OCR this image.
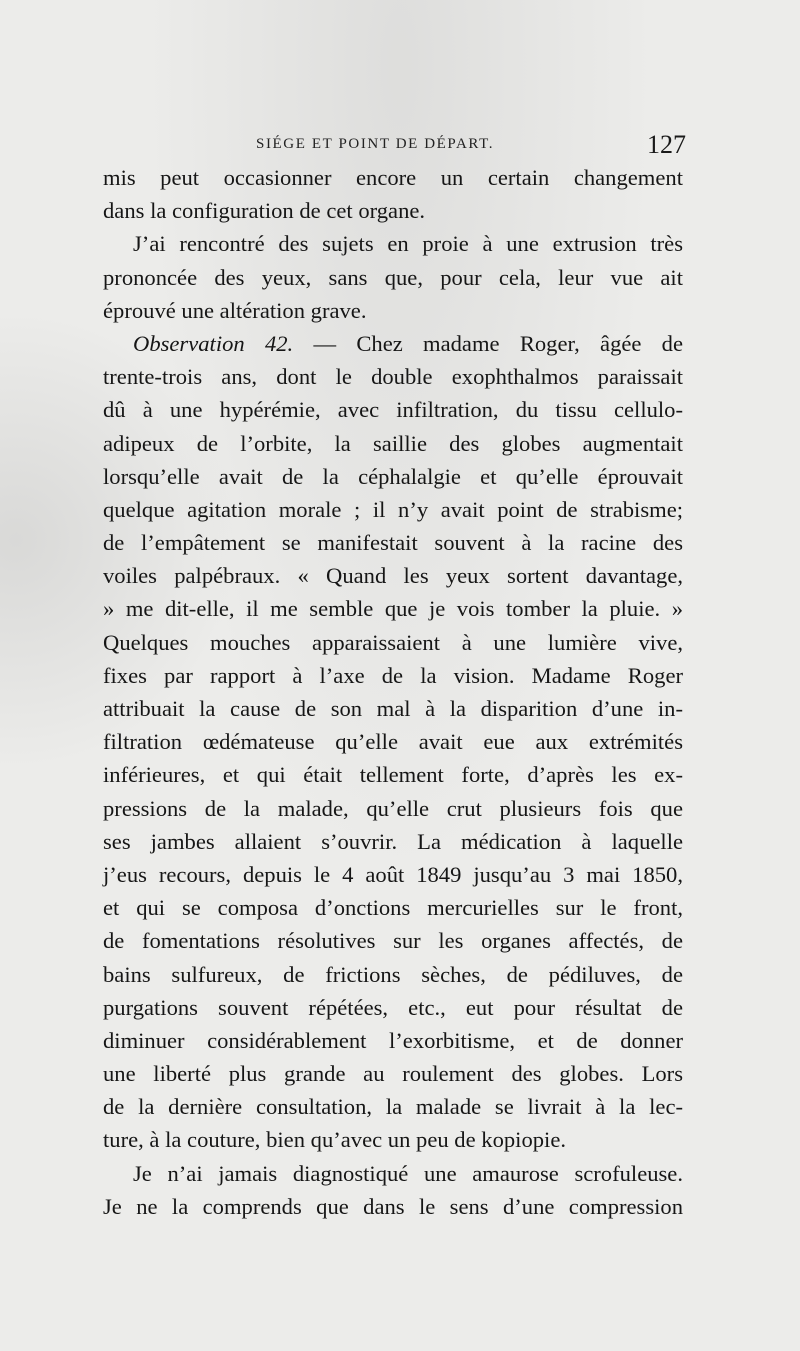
SIÉGE ET POINT DE DÉPART.	127
mis peut occasionner encore un certain changement
dans la configuration de cet organe.
J’ai rencontré des sujets en proie à une extrusion très
prononcée des yeux, sans que, pour cela, leur vue ait
éprouvé une altération grave.
Observation 42. — Chez madame Roger, âgée de
trente-trois ans, dont le double exophthalmos paraissait
dû à une hypérémie, avec infiltration, du tissu cellulo-
adipeux de l’orbite, la saillie des globes augmentait
lorsqu’elle avait de la céphalalgie et qu’elle éprouvait
quelque agitation morale ; il n’y avait point de strabisme;
de l’empâtement se manifestait souvent à la racine des
voiles palpébraux. « Quand les yeux sortent davantage,
» me dit-elle, il me semble que je vois tomber la pluie. »
Quelques mouches apparaissaient à une lumière vive,
fixes par rapport à l’axe de la vision. Madame Roger
attribuait la cause de son mal à la disparition d’une in-
filtration œdémateuse qu’elle avait eue aux extrémités
inférieures, et qui était tellement forte, d’après les ex-
pressions de la malade, qu’elle crut plusieurs fois que
ses jambes allaient s’ouvrir. La médication à laquelle
j’eus recours, depuis le 4 août 1849 jusqu’au 3 mai 1850,
et qui se composa d’onctions mercurielles sur le front,
de fomentations résolutives sur les organes affectés, de
bains sulfureux, de frictions sèches, de pédiluves, de
purgations souvent répétées, etc., eut pour résultat de
diminuer considérablement l’exorbitisme, et de donner
une liberté plus grande au roulement des globes. Lors
de la dernière consultation, la malade se livrait à la lec-
ture, à la couture, bien qu’avec un peu de kopiopie.
Je n’ai jamais diagnostiqué une amaurose scrofuleuse.
Je ne la comprends que dans le sens d’une compression
